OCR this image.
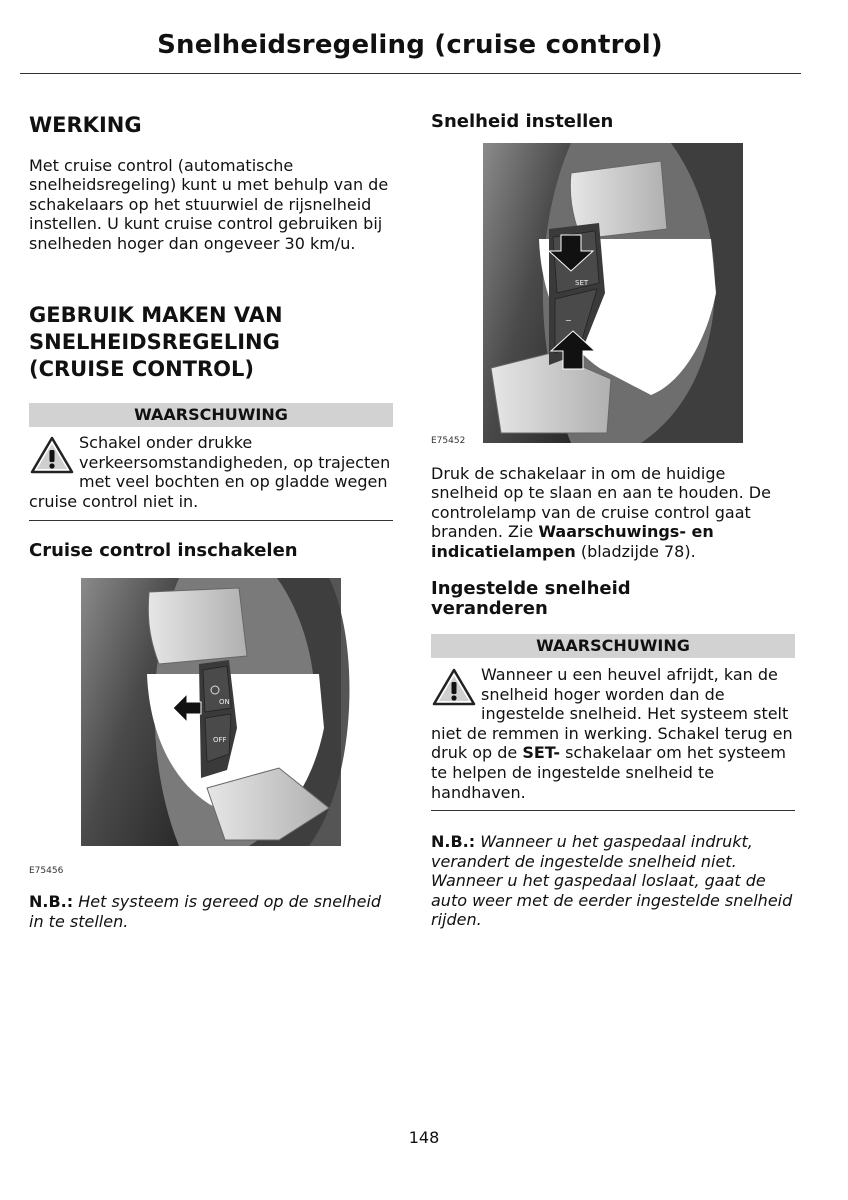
Snelheidsregeling (cruise control)
WERKING

Met cruise control (automatische snelheidsregeling) kunt u met behulp van de schakelaars op het stuurwiel de rijsnelheid instellen. U kunt cruise control gebruiken bij snelheden hoger dan ongeveer 30 km/u.

GEBRUIK MAKEN VAN
SNELHEIDSREGELING
(CRUISE CONTROL)
WAARSCHUWING

Schakel onder drukke verkeersomstandigheden, op trajecten met veel bochten en op gladde wegen cruise control niet in.

Cruise control inschakelen
ON
OFF
E75456

N.B.: Het systeem is gereed op de snelheid in te stellen.

Snelheid instellen
SET
−
E75452

Druk de schakelaar in om de huidige snelheid op te slaan en aan te houden. De controlelamp van de cruise control gaat branden. Zie Waarschuwings- en indicatielampen (bladzijde 78).

Ingestelde snelheid
veranderen
WAARSCHUWING

Wanneer u een heuvel afrijdt, kan de snelheid hoger worden dan de ingestelde snelheid. Het systeem stelt niet de remmen in werking. Schakel terug en druk op de SET- schakelaar om het systeem te helpen de ingestelde snelheid te handhaven.

N.B.: Wanneer u het gaspedaal indrukt, verandert de ingestelde snelheid niet. Wanneer u het gaspedaal loslaat, gaat de auto weer met de eerder ingestelde snelheid rijden.

148
